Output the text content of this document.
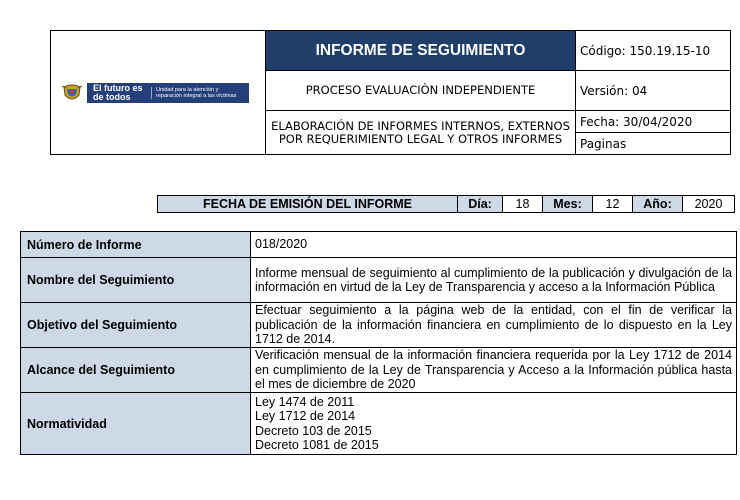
El futuro es de todos
Unidad para la atención y reparación integral a las víctimas	INFORME DE SEGUIMIENTO	Código: 150.19.15-10
	PROCESO EVALUACIÒN INDEPENDIENTE	Versión: 04
	ELABORACIÓN DE INFORMES INTERNOS, EXTERNOS POR REQUERIMIENTO LEGAL Y OTROS INFORMES	Fecha: 30/04/2020
		Paginas
FECHA DE EMISIÓN DEL INFORME	Día:	18	Mes:	12	Año:	2020
Número de Informe	018/2020
Nombre del Seguimiento	Informe mensual de seguimiento al cumplimiento de la publicación y divulgación de la información en virtud de la Ley de Transparencia y acceso a la Información Pública
Objetivo del Seguimiento	Efectuar seguimiento a la página web de la entidad, con el fin de verificar la publicación de la información financiera en cumplimiento de lo dispuesto en la Ley 1712 de 2014.
Alcance del Seguimiento	Verificación mensual de la información financiera requerida por la Ley 1712 de 2014 en cumplimiento de la Ley de Transparencia y Acceso a la Información pública hasta el mes de diciembre de 2020
Normatividad	Ley 1474 de 2011
Ley 1712 de 2014
Decreto 103 de 2015
Decreto 1081 de 2015
